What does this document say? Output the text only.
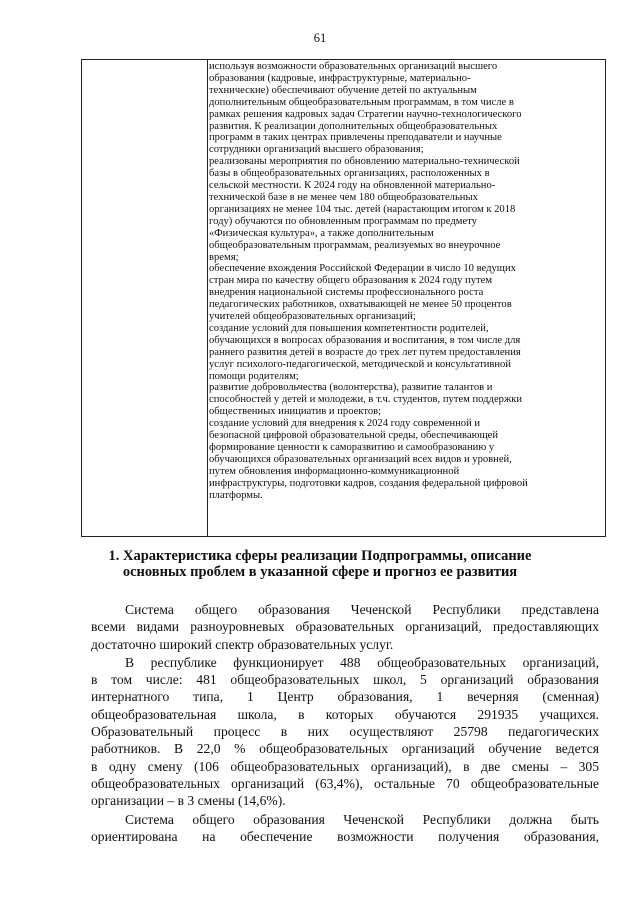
61
используя возможности образовательных организаций высшего
образования (кадровые, инфраструктурные, материально-
технические) обеспечивают обучение детей по актуальным
дополнительным общеобразовательным программам, в том числе в
рамках решения кадровых задач Стратегии научно-технологического
развития. К реализации дополнительных общеобразовательных
программ в таких центрах привлечены преподаватели и научные
сотрудники организаций высшего образования;
реализованы мероприятия по обновлению материально-технической
базы в общеобразовательных организациях, расположенных в
сельской местности. К 2024 году на обновленной материально-
технической базе в не менее чем 180 общеобразовательных
организациях не менее 104 тыс. детей (нарастающим итогом к 2018
году) обучаются по обновленным программам по предмету
«Физическая культура», а также дополнительным
общеобразовательным программам, реализуемых во внеурочное
время;
обеспечение вхождения Российской Федерации в число 10 ведущих
стран мира по качеству общего образования к 2024 году путем
внедрения национальной системы профессионального роста
педагогических работников, охватывающей не менее 50 процентов
учителей общеобразовательных организаций;
создание условий для повышения компетентности родителей,
обучающихся в вопросах образования и воспитания, в том числе для
раннего развития детей в возрасте до трех лет путем предоставления
услуг психолого-педагогической, методической и консультативной
помощи родителям;
развитие добровольчества (волонтерства), развитие талантов и
способностей у детей и молодежи, в т.ч. студентов, путем поддержки
общественных инициатив и проектов;
создание условий для внедрения к 2024 году современной и
безопасной цифровой образовательной среды, обеспечивающей
формирование ценности к саморазвитию и самообразованию у
обучающихся образовательных организаций всех видов и уровней,
путем обновления информационно-коммуникационной
инфраструктуры, подготовки кадров, создания федеральной цифровой
платформы.
1. Характеристика сферы реализации Подпрограммы, описание
основных проблем в указанной сфере и прогноз ее развития
Система общего образования Чеченской Республики представлена
всеми видами разноуровневых образовательных организаций, предоставляющих
достаточно широкий спектр образовательных услуг.
В республике функционирует 488 общеобразовательных организаций,
в том числе: 481 общеобразовательных школ, 5 организаций образования
интернатного типа, 1 Центр образования, 1 вечерняя (сменная)
общеобразовательная школа, в которых обучаются 291935 учащихся.
Образовательный процесс в них осуществляют 25798 педагогических
работников. В 22,0 % общеобразовательных организаций обучение ведется
в одну смену (106 общеобразовательных организаций), в две смены – 305
общеобразовательных организаций (63,4%), остальные 70 общеобразовательные
организации – в 3 смены (14,6%).
Система общего образования Чеченской Республики должна быть
ориентирована на обеспечение возможности получения образования,
